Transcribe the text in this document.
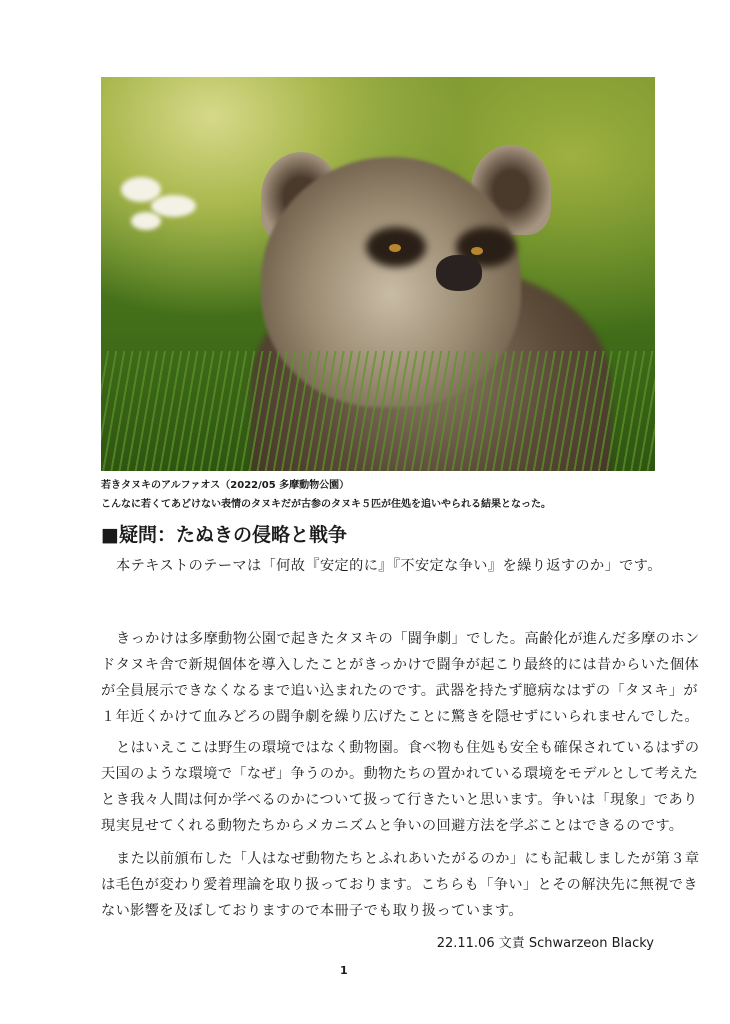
若きタヌキのアルファオス（2022/05 多摩動物公園）
こんなに若くてあどけない表情のタヌキだが古参のタヌキ５匹が住処を追いやられる結果となった。
■疑問：たぬきの侵略と戦争
本テキストのテーマは「何故『安定的に』『不安定な争い』を繰り返すのか」です。
きっかけは多摩動物公園で起きたタヌキの「闘争劇」でした。高齢化が進んだ多摩のホン
ドタヌキ舎で新規個体を導入したことがきっかけで闘争が起こり最終的には昔からいた個体
が全員展示できなくなるまで追い込まれたのです。武器を持たず臆病なはずの「タヌキ」が
１年近くかけて血みどろの闘争劇を繰り広げたことに驚きを隠せずにいられませんでした。
とはいえここは野生の環境ではなく動物園。食べ物も住処も安全も確保されているはずの
天国のような環境で「なぜ」争うのか。動物たちの置かれている環境をモデルとして考えた
とき我々人間は何か学べるのかについて扱って行きたいと思います。争いは「現象」であり
現実見せてくれる動物たちからメカニズムと争いの回避方法を学ぶことはできるのです。
また以前頒布した「人はなぜ動物たちとふれあいたがるのか」にも記載しましたが第３章
は毛色が変わり愛着理論を取り扱っております。こちらも「争い」とその解決先に無視でき
ない影響を及ぼしておりますので本冊子でも取り扱っています。
22.11.06 文責 Schwarzeon Blacky
1
